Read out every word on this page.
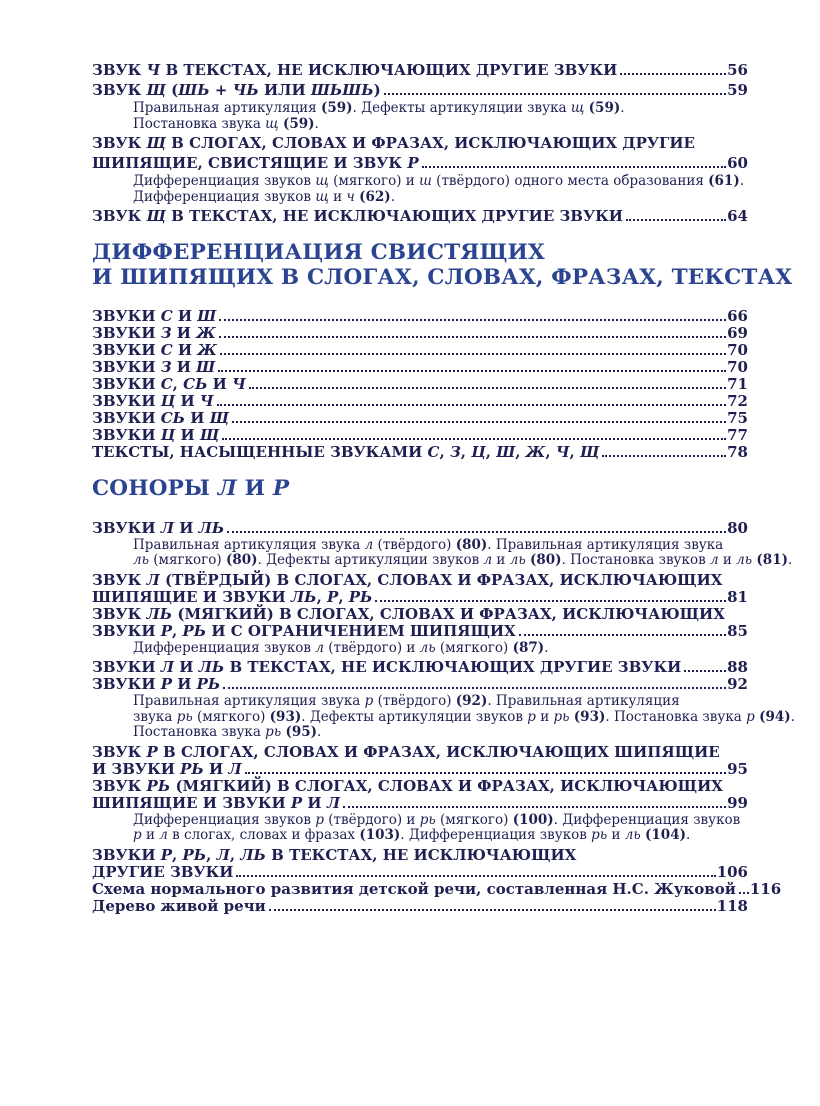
ЗВУК Ч В ТЕКСТАХ, НЕ ИСКЛЮЧАЮЩИХ ДРУГИЕ ЗВУКИ	56
ЗВУК Щ (ШЬ + ЧЬ ИЛИ ШЬШЬ)	59
Правильная артикуляция (59). Дефекты артикуляции звука щ (59).
Постановка звука щ (59).
ЗВУК Щ В СЛОГАХ, СЛОВАХ И ФРАЗАХ, ИСКЛЮЧАЮЩИХ ДРУГИЕ
ШИПЯЩИЕ, СВИСТЯЩИЕ И ЗВУК Р	60
Дифференциация звуков щ (мягкого) и ш (твёрдого) одного места образования (61).
Дифференциация звуков щ и ч (62).
ЗВУК Щ В ТЕКСТАХ, НЕ ИСКЛЮЧАЮЩИХ ДРУГИЕ ЗВУКИ	64
ДИФФЕРЕНЦИАЦИЯ СВИСТЯЩИХ
И ШИПЯЩИХ В СЛОГАХ, СЛОВАХ, ФРАЗАХ, ТЕКСТАХ
ЗВУКИ С И Ш	66
ЗВУКИ З И Ж	69
ЗВУКИ С И Ж	70
ЗВУКИ З И Ш	70
ЗВУКИ С, СЬ И Ч	71
ЗВУКИ Ц И Ч	72
ЗВУКИ СЬ И Щ	75
ЗВУКИ Ц И Щ	77
ТЕКСТЫ, НАСЫЩЕННЫЕ ЗВУКАМИ С, З, Ц, Ш, Ж, Ч, Щ	78
СОНОРЫ Л И Р
ЗВУКИ Л И ЛЬ	80
Правильная артикуляция звука л (твёрдого) (80). Правильная артикуляция звука
ль (мягкого) (80). Дефекты артикуляции звуков л и ль (80). Постановка звуков л и ль (81).
ЗВУК Л (ТВЁРДЫЙ) В СЛОГАХ, СЛОВАХ И ФРАЗАХ, ИСКЛЮЧАЮЩИХ
ШИПЯЩИЕ И ЗВУКИ ЛЬ, Р, РЬ	81
ЗВУК ЛЬ (МЯГКИЙ) В СЛОГАХ, СЛОВАХ И ФРАЗАХ, ИСКЛЮЧАЮЩИХ
ЗВУКИ Р, РЬ И С ОГРАНИЧЕНИЕМ ШИПЯЩИХ	85
Дифференциация звуков л (твёрдого) и ль (мягкого) (87).
ЗВУКИ Л И ЛЬ В ТЕКСТАХ, НЕ ИСКЛЮЧАЮЩИХ ДРУГИЕ ЗВУКИ	88
ЗВУКИ Р И РЬ	92
Правильная артикуляция звука р (твёрдого) (92). Правильная артикуляция
звука рь (мягкого) (93). Дефекты артикуляции звуков р и рь (93). Постановка звука р (94).
Постановка звука рь (95).
ЗВУК Р В СЛОГАХ, СЛОВАХ И ФРАЗАХ, ИСКЛЮЧАЮЩИХ ШИПЯЩИЕ
И ЗВУКИ РЬ И Л	95
ЗВУК РЬ (МЯГКИЙ) В СЛОГАХ, СЛОВАХ И ФРАЗАХ, ИСКЛЮЧАЮЩИХ
ШИПЯЩИЕ И ЗВУКИ Р И Л	99
Дифференциация звуков р (твёрдого) и рь (мягкого) (100). Дифференциация звуков
р и л в слогах, словах и фразах (103). Дифференциация звуков рь и ль (104).
ЗВУКИ Р, РЬ, Л, ЛЬ В ТЕКСТАХ, НЕ ИСКЛЮЧАЮЩИХ
ДРУГИЕ ЗВУКИ	106
Схема нормального развития детской речи, составленная Н.С. Жуковой 116
Дерево живой речи	118
